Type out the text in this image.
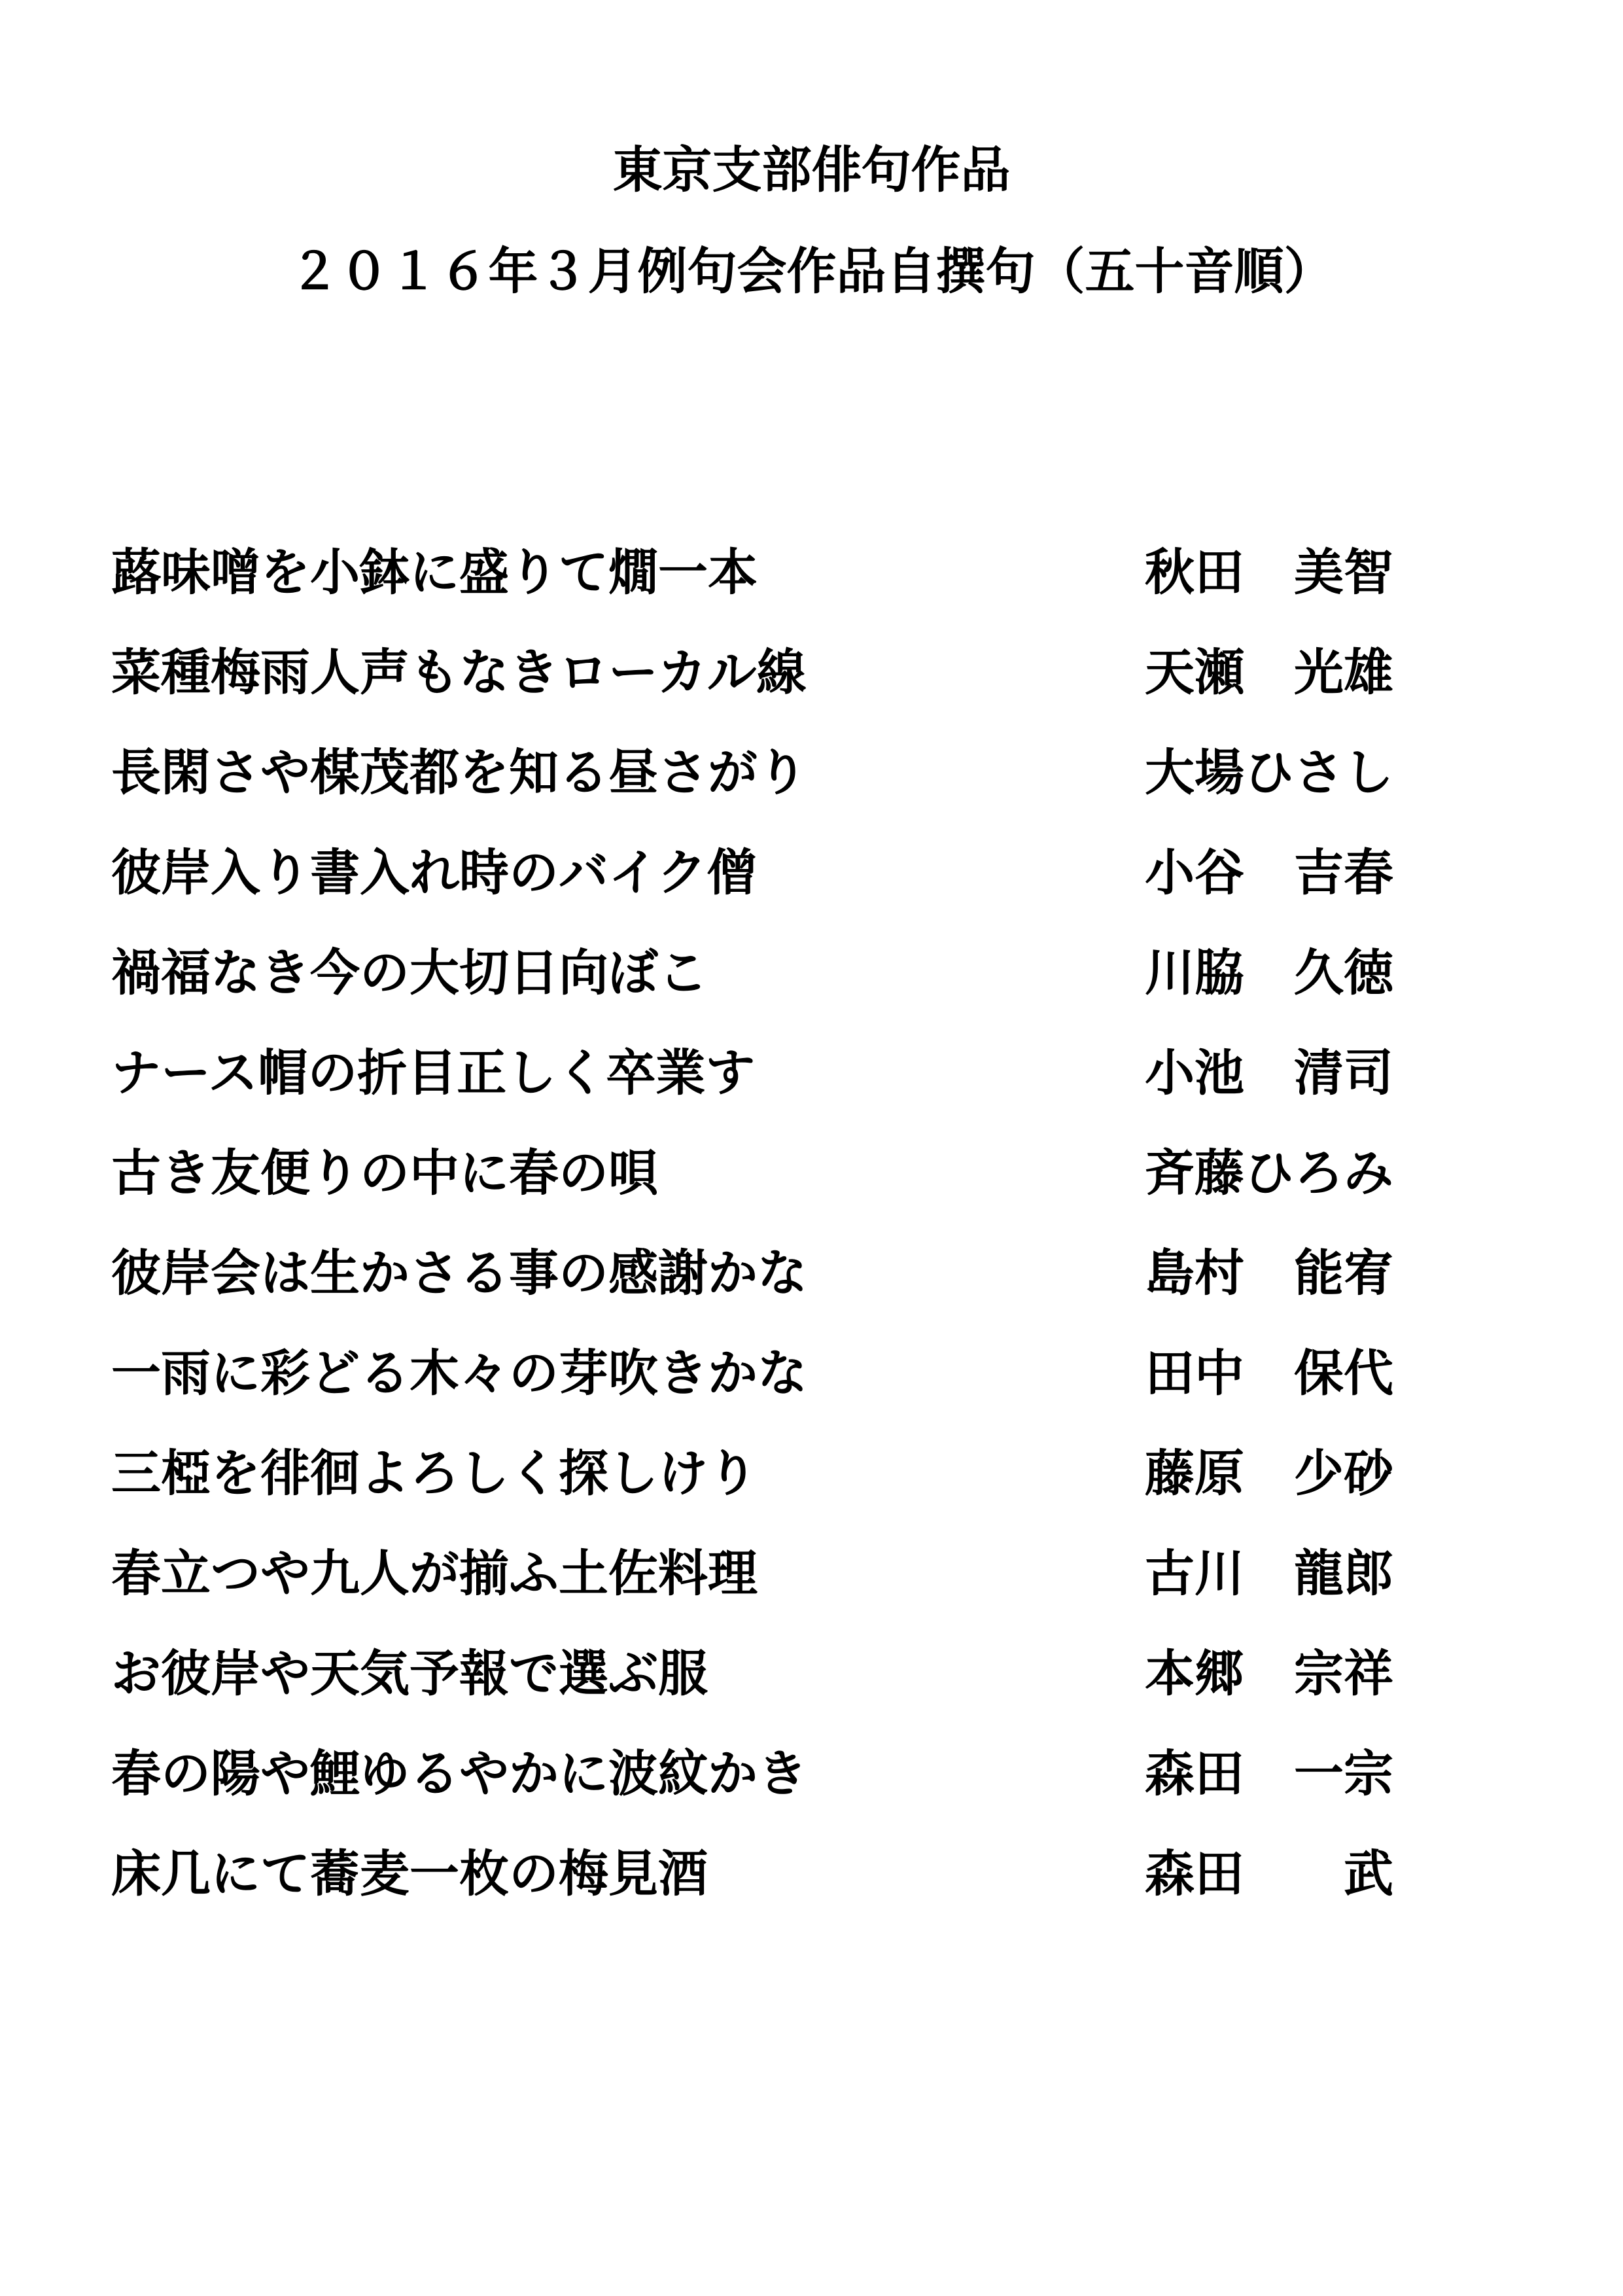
東京支部俳句作品
２０１６年３月例句会作品自撰句（五十音順）
蕗味噌を小鉢に盛りて燗一本	秋田　美智
菜種梅雨人声もなきローカル線	天瀬　光雄
長閑さや楳茂都を知る昼さがり	大場ひさし
彼岸入り書入れ時のバイク僧	小谷　吉春
禍福なき今の大切日向ぼこ	川脇　久徳
ナース帽の折目正しく卒業す	小池　清司
古き友便りの中に春の唄	斉藤ひろみ
彼岸会は生かさる事の感謝かな	島村　能宥
一雨に彩どる木々の芽吹きかな	田中　保代
三椏を徘徊よろしく探しけり	藤原　少砂
春立つや九人が揃ふ土佐料理	古川　龍郎
お彼岸や天気予報で選ぶ服	本郷　宗祥
春の陽や鯉ゆるやかに波紋かき	森田　一宗
床几にて蕎麦一枚の梅見酒	森田　　武
